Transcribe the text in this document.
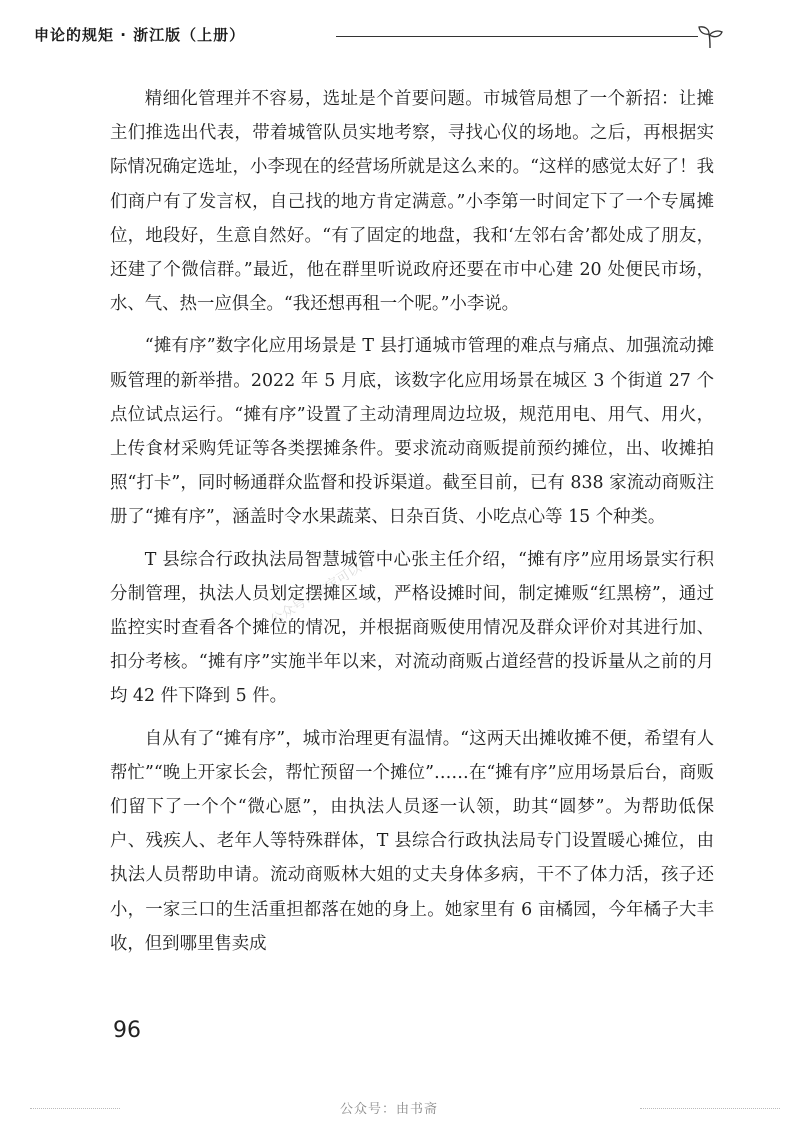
申论的规矩 · 浙江版（上册）
公众号：仿定可以看

精细化管理并不容易，选址是个首要问题。市城管局想了一个新招：让摊主们推选出代表，带着城管队员实地考察，寻找心仪的场地。之后，再根据实际情况确定选址，小李现在的经营场所就是这么来的。“这样的感觉太好了！我们商户有了发言权，自己找的地方肯定满意。”小李第一时间定下了一个专属摊位，地段好，生意自然好。“有了固定的地盘，我和‘左邻右舍’都处成了朋友，还建了个微信群。”最近，他在群里听说政府还要在市中心建 20 处便民市场，水、气、热一应俱全。“我还想再租一个呢。”小李说。

“摊有序”数字化应用场景是 T 县打通城市管理的难点与痛点、加强流动摊贩管理的新举措。2022 年 5 月底，该数字化应用场景在城区 3 个街道 27 个点位试点运行。“摊有序”设置了主动清理周边垃圾，规范用电、用气、用火，上传食材采购凭证等各类摆摊条件。要求流动商贩提前预约摊位，出、收摊拍照“打卡”，同时畅通群众监督和投诉渠道。截至目前，已有 838 家流动商贩注册了“摊有序”，涵盖时令水果蔬菜、日杂百货、小吃点心等 15 个种类。

T 县综合行政执法局智慧城管中心张主任介绍，“摊有序”应用场景实行积分制管理，执法人员划定摆摊区域，严格设摊时间，制定摊贩“红黑榜”，通过监控实时查看各个摊位的情况，并根据商贩使用情况及群众评价对其进行加、扣分考核。“摊有序”实施半年以来，对流动商贩占道经营的投诉量从之前的月均 42 件下降到 5 件。

自从有了“摊有序”，城市治理更有温情。“这两天出摊收摊不便，希望有人帮忙”“晚上开家长会，帮忙预留一个摊位”……在“摊有序”应用场景后台，商贩们留下了一个个“微心愿”，由执法人员逐一认领，助其“圆梦”。为帮助低保户、残疾人、老年人等特殊群体，T 县综合行政执法局专门设置暖心摊位，由执法人员帮助申请。流动商贩林大姐的丈夫身体多病，干不了体力活，孩子还小，一家三口的生活重担都落在她的身上。她家里有 6 亩橘园，今年橘子大丰收，但到哪里售卖成

96
公众号：由书斋
